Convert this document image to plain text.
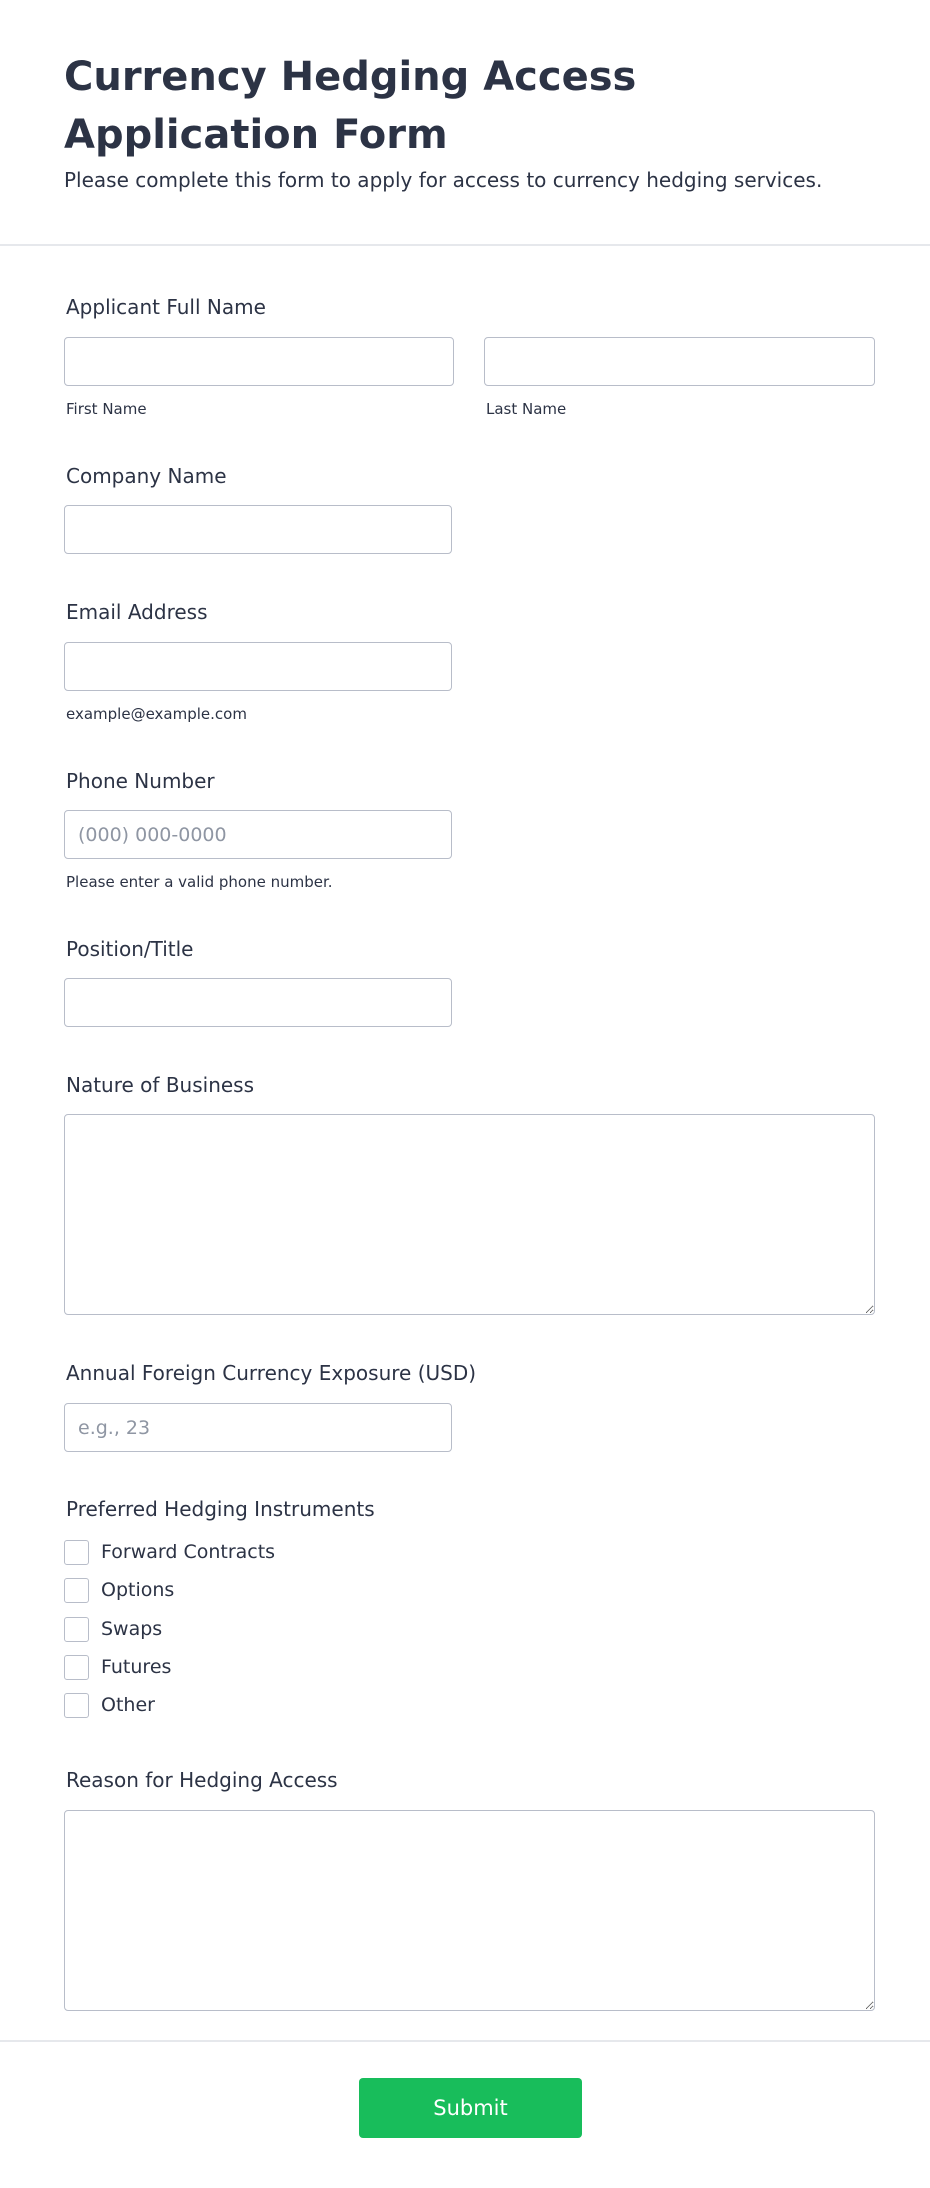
Currency Hedging Access Application Form

Please complete this form to apply for access to currency hedging services.

Applicant Full Name
First Name	Last Name
Company Name
Email Address
example@example.com
Phone Number
(000) 000-0000
Please enter a valid phone number.
Position/Title
Nature of Business
Annual Foreign Currency Exposure (USD)
e.g., 23
Preferred Hedging Instruments
Forward Contracts
Options
Swaps
Futures
Other
Reason for Hedging Access
Submit
